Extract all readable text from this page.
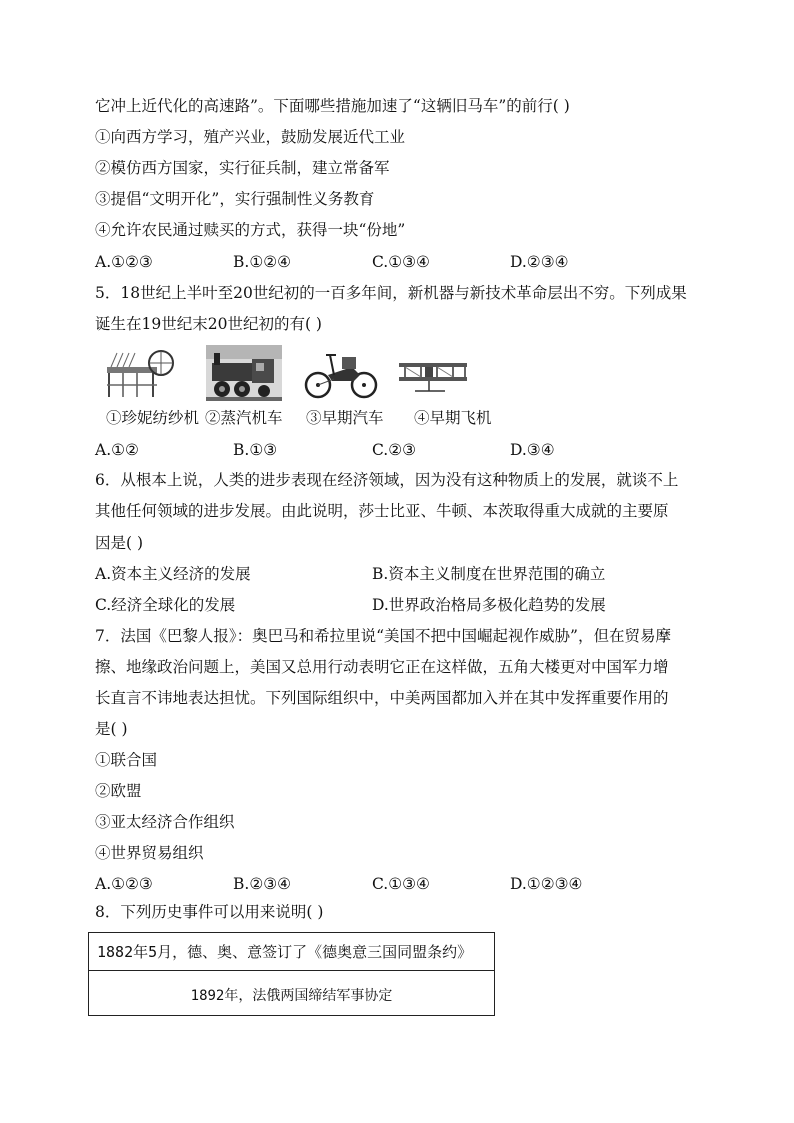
它冲上近代化的高速路”。下面哪些措施加速了“这辆旧马车”的前行( )
①向西方学习，殖产兴业，鼓励发展近代工业
②模仿西方国家，实行征兵制，建立常备军
③提倡“文明开化”，实行强制性义务教育
④允许农民通过赎买的方式，获得一块“份地”
A.①②③	B.①②④	C.①③④	D.②③④
5．18世纪上半叶至20世纪初的一百多年间，新机器与新技术革命层出不穷。下列成果
诞生在19世纪末20世纪初的有( )
①珍妮纺纱机 ②蒸汽机车 ③早期汽车 ④早期飞机
A.①②	B.①③	C.②③	D.③④
6．从根本上说，人类的进步表现在经济领域，因为没有这种物质上的发展，就谈不上
其他任何领域的进步发展。由此说明，莎士比亚、牛顿、本茨取得重大成就的主要原
因是( )
A.资本主义经济的发展	B.资本主义制度在世界范围的确立
C.经济全球化的发展	D.世界政治格局多极化趋势的发展
7．法国《巴黎人报》：奥巴马和希拉里说“美国不把中国崛起视作威胁”，但在贸易摩
擦、地缘政治问题上，美国又总用行动表明它正在这样做，五角大楼更对中国军力增
长直言不讳地表达担忧。下列国际组织中，中美两国都加入并在其中发挥重要作用的
是( )
①联合国
②欧盟
③亚太经济合作组织
④世界贸易组织
A.①②③	B.②③④	C.①③④	D.①②③④
8．下列历史事件可以用来说明( )
1882年5月，德、奥、意签订了《德奥意三国同盟条约》
1892年，法俄两国缔结军事协定
